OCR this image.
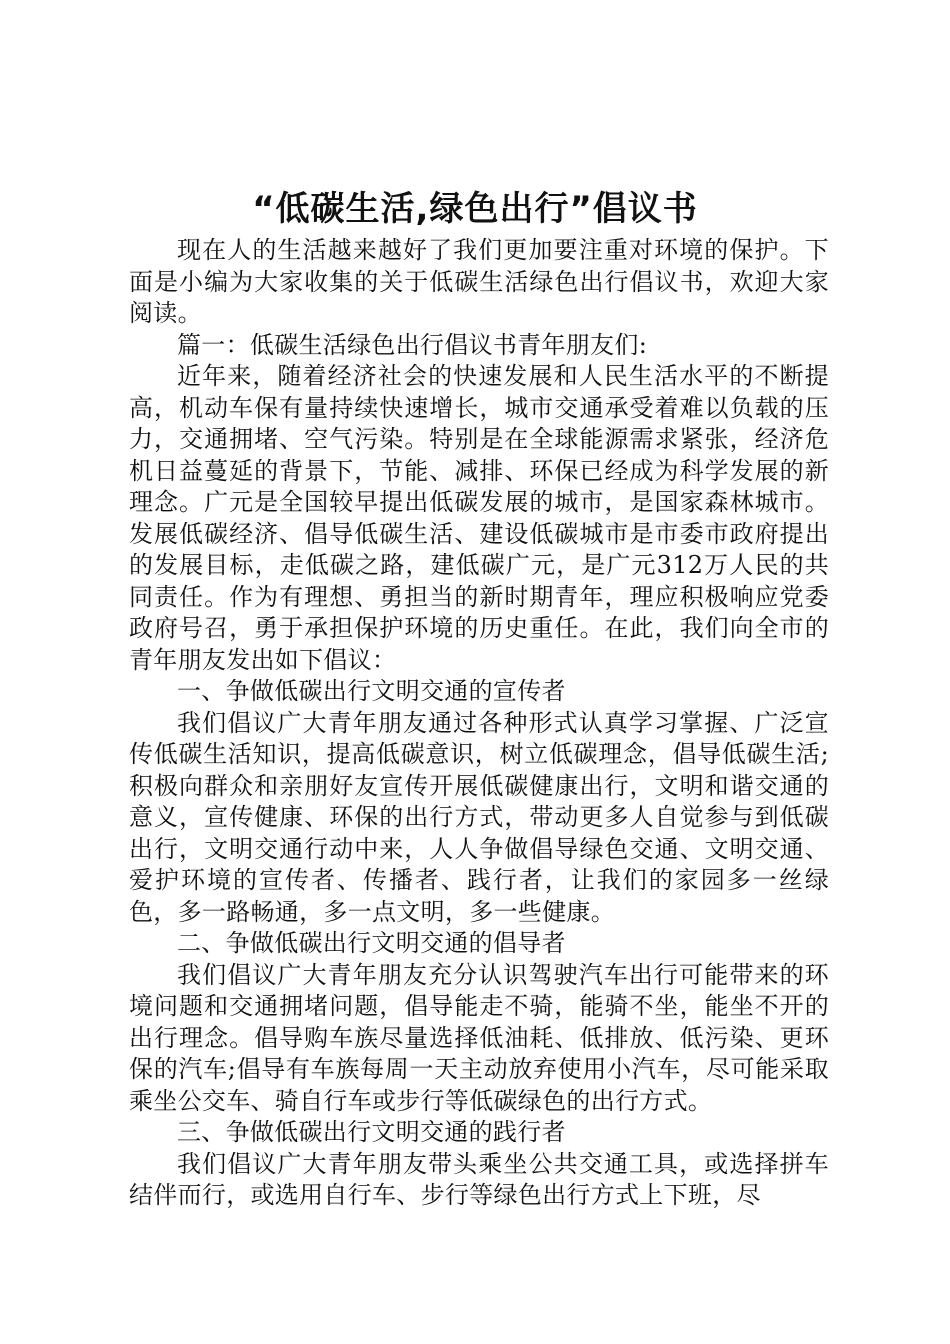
“低碳生活,绿色出行”倡议书

现在人的生活越来越好了我们更加要注重对环境的保护。下面是小编为大家收集的关于低碳生活绿色出行倡议书，欢迎大家阅读。

篇一：低碳生活绿色出行倡议书青年朋友们:

近年来，随着经济社会的快速发展和人民生活水平的不断提高，机动车保有量持续快速增长，城市交通承受着难以负载的压力，交通拥堵、空气污染。特别是在全球能源需求紧张，经济危机日益蔓延的背景下，节能、减排、环保已经成为科学发展的新理念。广元是全国较早提出低碳发展的城市，是国家森林城市。发展低碳经济、倡导低碳生活、建设低碳城市是市委市政府提出的发展目标，走低碳之路，建低碳广元，是广元312万人民的共同责任。作为有理想、勇担当的新时期青年，理应积极响应党委政府号召，勇于承担保护环境的历史重任。在此，我们向全市的青年朋友发出如下倡议：

一、争做低碳出行文明交通的宣传者

我们倡议广大青年朋友通过各种形式认真学习掌握、广泛宣传低碳生活知识，提高低碳意识，树立低碳理念，倡导低碳生活;积极向群众和亲朋好友宣传开展低碳健康出行，文明和谐交通的意义，宣传健康、环保的出行方式，带动更多人自觉参与到低碳出行，文明交通行动中来，人人争做倡导绿色交通、文明交通、爱护环境的宣传者、传播者、践行者，让我们的家园多一丝绿色，多一路畅通，多一点文明，多一些健康。

二、争做低碳出行文明交通的倡导者

我们倡议广大青年朋友充分认识驾驶汽车出行可能带来的环境问题和交通拥堵问题，倡导能走不骑，能骑不坐，能坐不开的出行理念。倡导购车族尽量选择低油耗、低排放、低污染、更环保的汽车;倡导有车族每周一天主动放弃使用小汽车，尽可能采取乘坐公交车、骑自行车或步行等低碳绿色的出行方式。

三、争做低碳出行文明交通的践行者

我们倡议广大青年朋友带头乘坐公共交通工具，或选择拼车结伴而行，或选用自行车、步行等绿色出行方式上下班，尽
